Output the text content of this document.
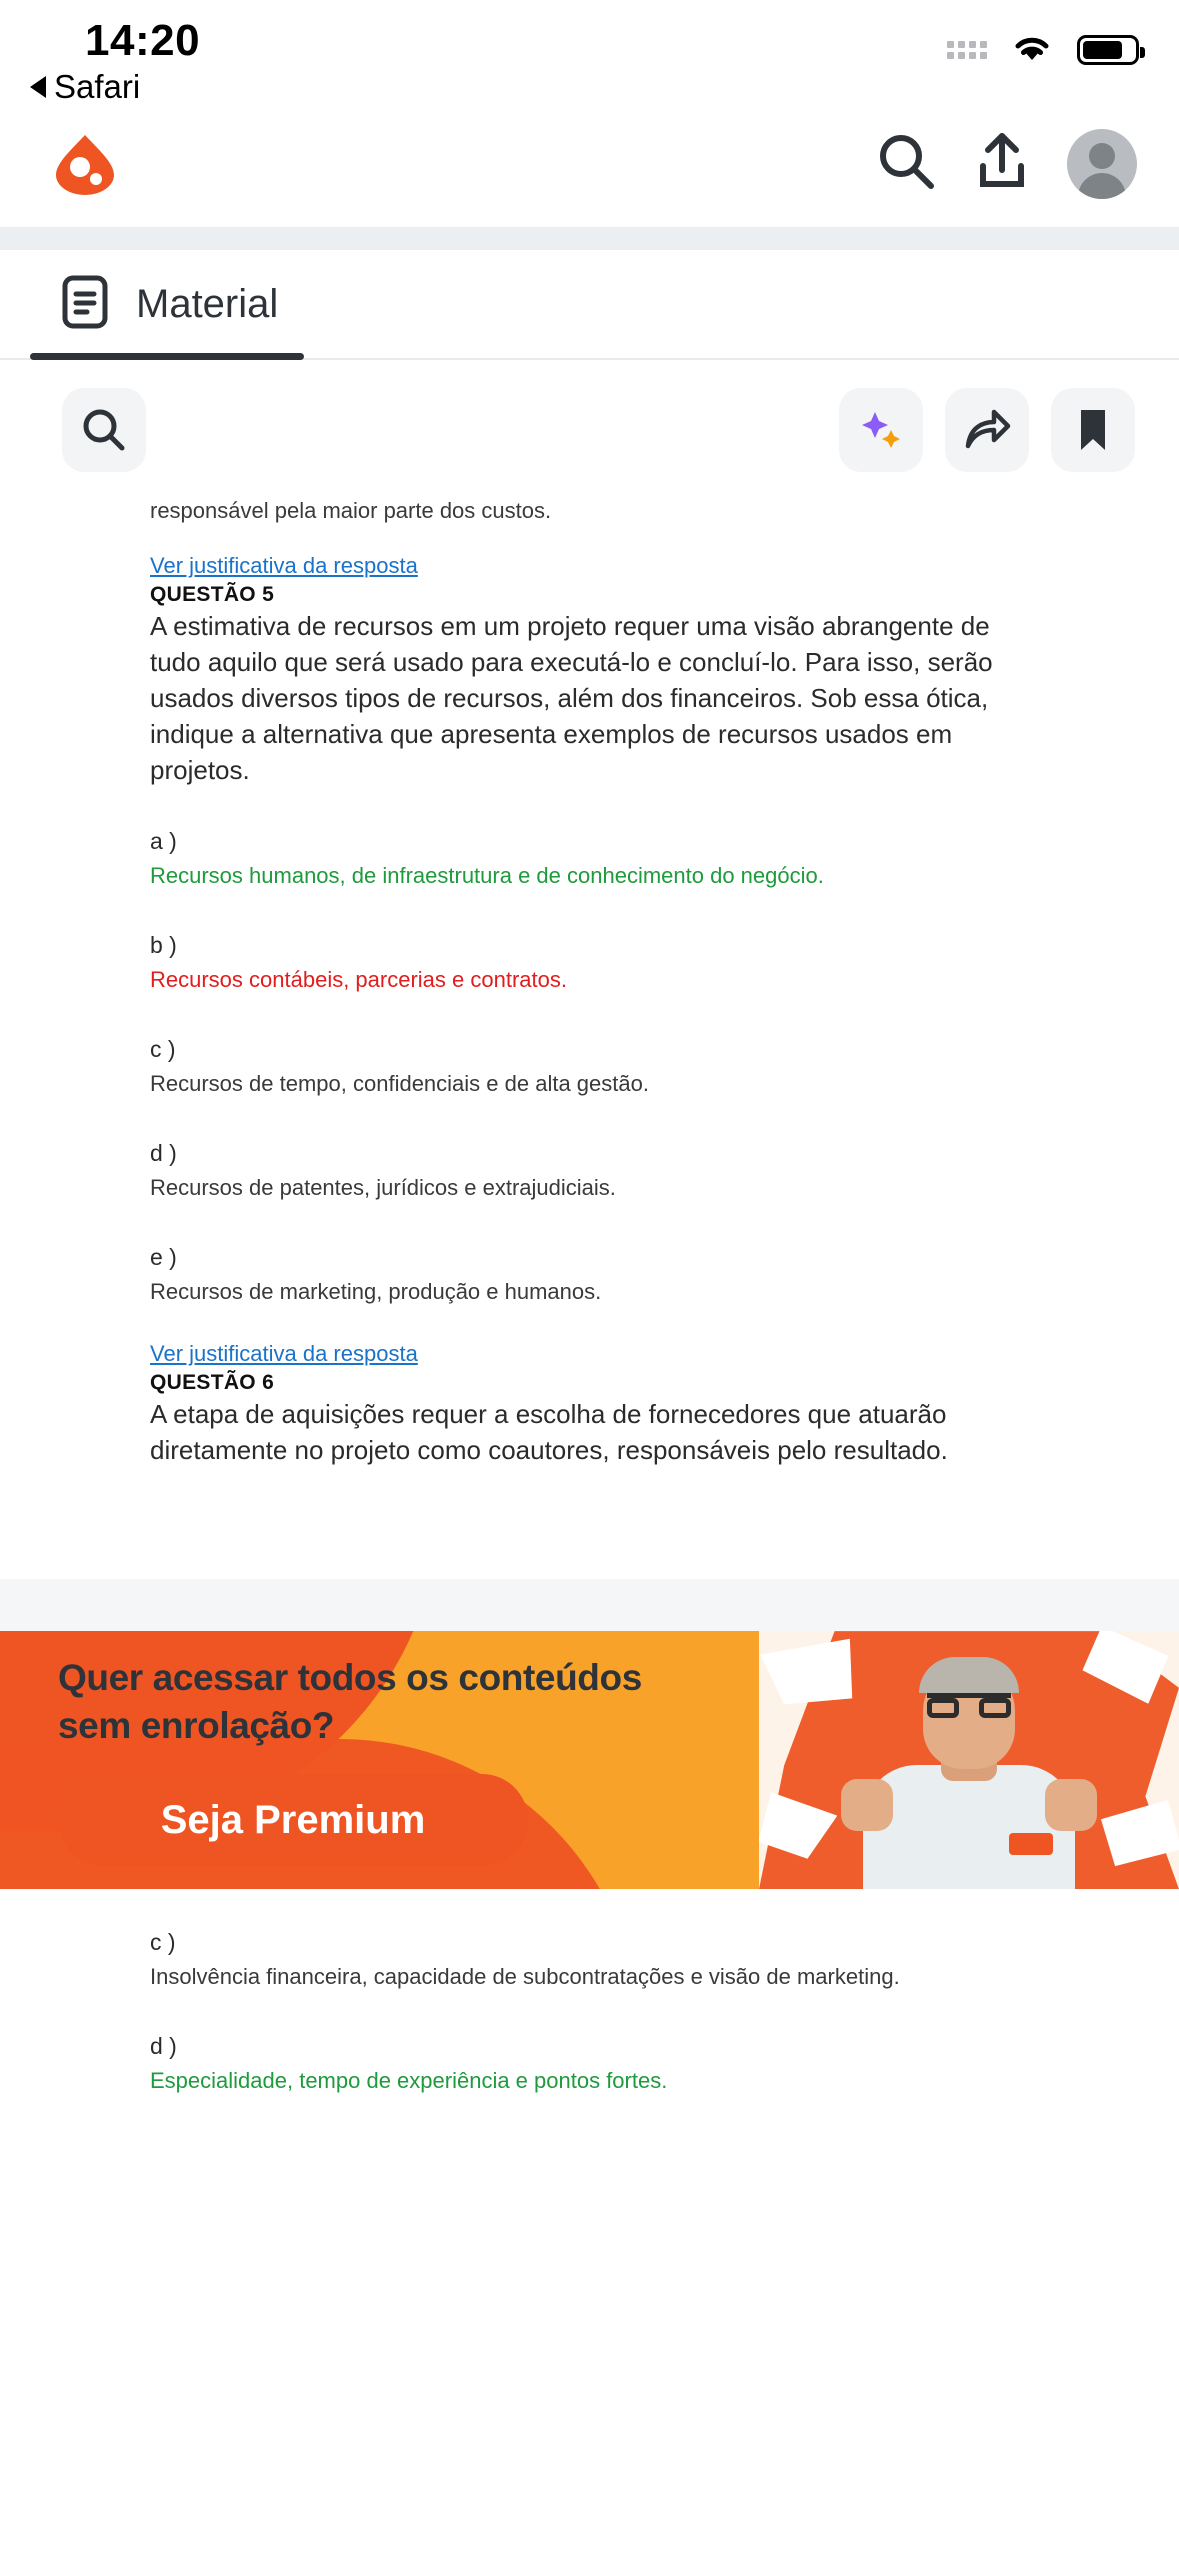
14:20
Safari
Material
responsável pela maior parte dos custos.
Ver justificativa da resposta
QUESTÃO 5
A estimativa de recursos em um projeto requer uma visão abrangente de tudo aquilo que será usado para executá-lo e concluí-lo. Para isso, serão usados diversos tipos de recursos, além dos financeiros. Sob essa ótica, indique a alternativa que apresenta exemplos de recursos usados em projetos.
a )
Recursos humanos, de infraestrutura e de conhecimento do negócio.
b )
Recursos contábeis, parcerias e contratos.
c )
Recursos de tempo, confidenciais e de alta gestão.
d )
Recursos de patentes, jurídicos e extrajudiciais.
e )
Recursos de marketing, produção e humanos.
Ver justificativa da resposta
QUESTÃO 6
A etapa de aquisições requer a escolha de fornecedores que atuarão diretamente no projeto como coautores, responsáveis pelo resultado.
Quer acessar todos os conteúdos
sem enrolação?
Seja Premium
c )
Insolvência financeira, capacidade de subcontratações e visão de marketing.
d )
Especialidade, tempo de experiência e pontos fortes.
